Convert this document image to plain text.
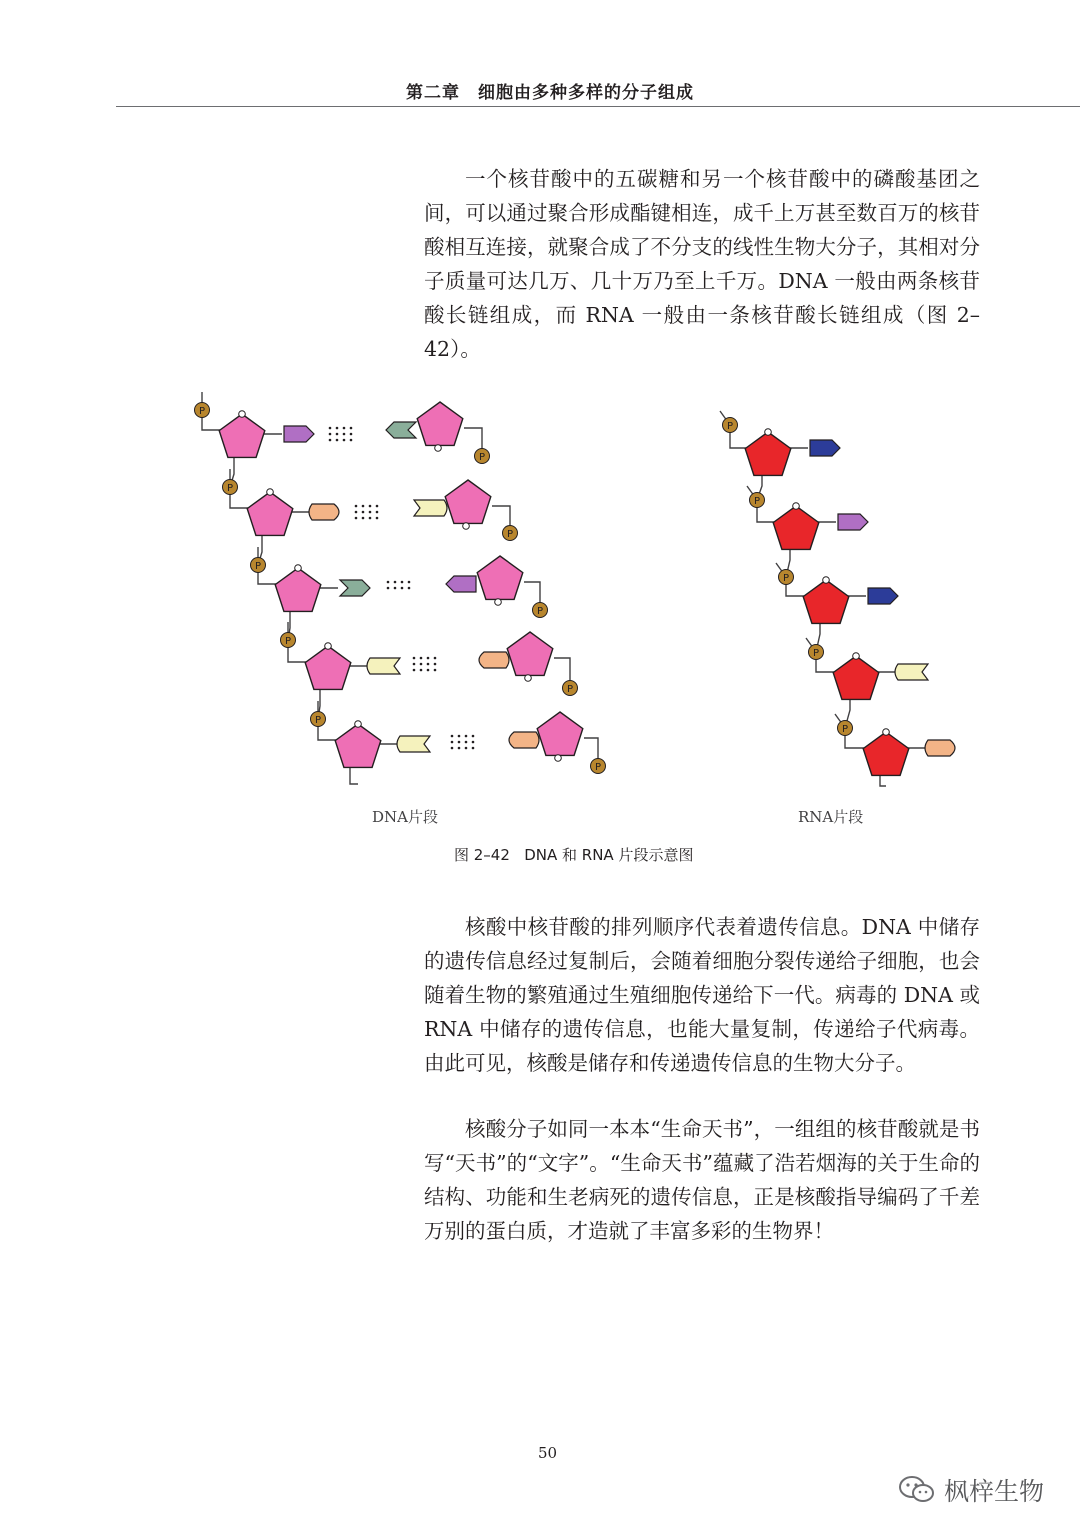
第二章　细胞由多种多样的分子组成

一个核苷酸中的五碳糖和另一个核苷酸中的磷酸基团之间，可以通过聚合形成酯键相连，成千上万甚至数百万的核苷酸相互连接，就聚合成了不分支的线性生物大分子，其相对分子质量可达几万、几十万乃至上千万。DNA 一般由两条核苷酸长链组成，而 RNA 一般由一条核苷酸长链组成（图 2–42）。

P
P
P
P
P
P
P
P
P
P
P
P
P
P
P
DNA片段	RNA片段
图 2–42   DNA 和 RNA 片段示意图

核酸中核苷酸的排列顺序代表着遗传信息。DNA 中储存的遗传信息经过复制后，会随着细胞分裂传递给子细胞，也会随着生物的繁殖通过生殖细胞传递给下一代。病毒的 DNA 或 RNA 中储存的遗传信息，也能大量复制，传递给子代病毒。由此可见，核酸是储存和传递遗传信息的生物大分子。

核酸分子如同一本本“生命天书”，一组组的核苷酸就是书写“天书”的“文字”。“生命天书”蕴藏了浩若烟海的关于生命的结构、功能和生老病死的遗传信息，正是核酸指导编码了千差万别的蛋白质，才造就了丰富多彩的生物界！

50
枫梓生物
